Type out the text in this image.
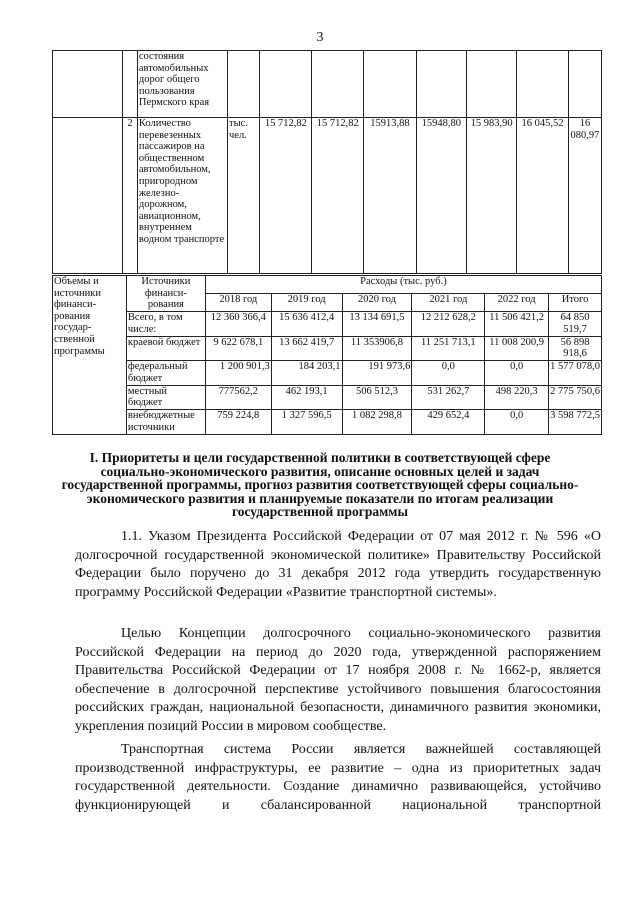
3
		состояния автомобильных дорог общего пользования Пермского края								
	2	Количество перевезенных пассажиров на общественном автомобильном, пригородном железно-дорожном, авиационном, внутреннем водном транспорте	тыс. чел.	15 712,82	15 712,82	15913,88	15948,80	15 983,90	16 045,52	16 080,97
Объемы и источники финанси-рования государ-ственной программы	Источники финанси-рования	Расходы (тыс. руб.)					
		2018 год	2019 год	2020 год	2021 год	2022 год	Итого
	Всего, в том числе:	12 360 366,4	15 636 412,4	13 134 691,5	12 212 628,2	11 506 421,2	64 850 519,7
	краевой бюджет	9 622 678,1	13 662 419,7	11 353906,8	11 251 713,1	11 008 200,9	56 898 918,6
	федеральный бюджет	1 200 901,3	184 203,1	191 973,6	0,0	0,0	1 577 078,0
	местный бюджет	777562,2	462 193,1	506 512,3	531 262,7	498 220,3	2 775 750,6
	внебюджетные источники	759 224,8	1 327 596,5	1 082 298,8	429 652,4	0,0	3 598 772,5
I. Приоритеты и цели государственной политики в соответствующей сфере социально-экономического развития, описание основных целей и задач государственной программы, прогноз развития соответствующей сферы социально-экономического развития и планируемые показатели по итогам реализации государственной программы
1.1. Указом Президента Российской Федерации от 07 мая 2012 г. № 596 «О долгосрочной государственной экономической политике» Правительству Российской Федерации было поручено до 31 декабря 2012 года утвердить государственную программу Российской Федерации «Развитие транспортной системы».
Целью Концепции долгосрочного социально-экономического развития Российской Федерации на период до 2020 года, утвержденной распоряжением Правительства Российской Федерации от 17 ноября 2008 г. № 1662-р, является обеспечение в долгосрочной перспективе устойчивого повышения благосостояния российских граждан, национальной безопасности, динамичного развития экономики, укрепления позиций России в мировом сообществе.
Транспортная система России является важнейшей составляющей производственной инфраструктуры, ее развитие – одна из приоритетных задач государственной деятельности. Создание динамично развивающейся, устойчиво функционирующей и сбалансированной национальной транспортной
